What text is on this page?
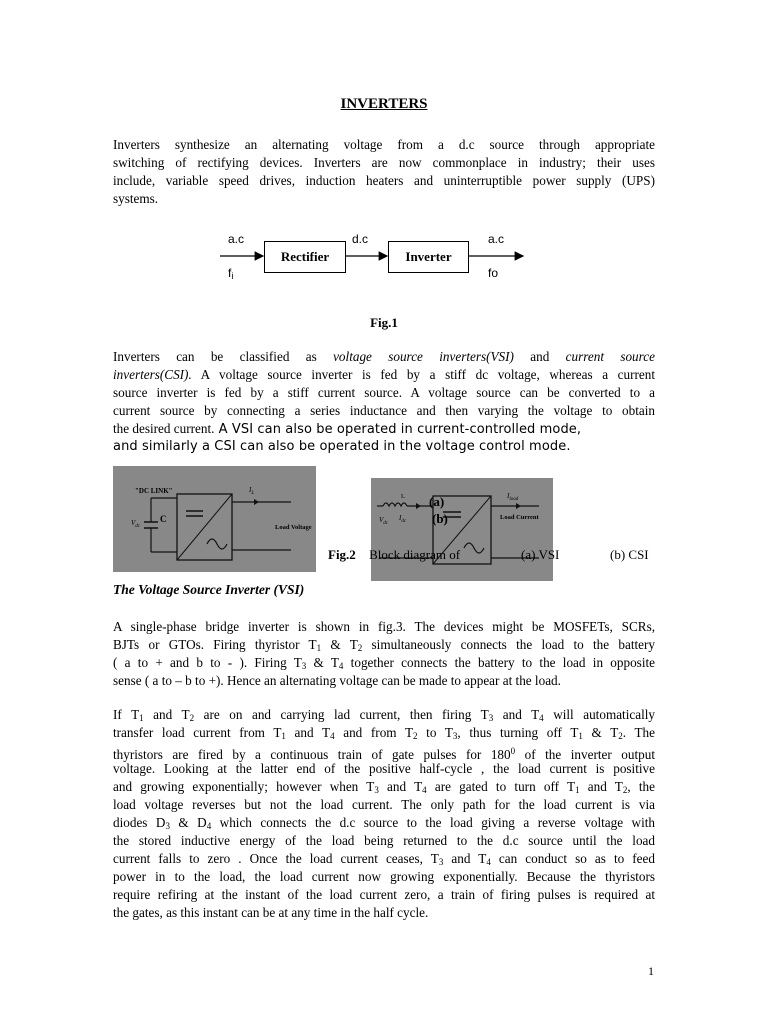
INVERTERS
Inverters synthesize an alternating voltage from a d.c source through appropriate
switching of rectifying devices. Inverters are now commonplace in industry; their uses
include, variable speed drives, induction heaters and uninterruptible power supply (UPS)
systems.
Rectifier	Inverter
a.c
$f_i$
d.c	a.c
fo
Fig.1
Inverters can be classified as voltage source inverters(VSI) and current source
inverters(CSI). A voltage source inverter is fed by a stiff dc voltage, whereas a current
source inverter is fed by a stiff current source. A voltage source can be converted to a
current source by connecting a series inductance and then varying the voltage to obtain
the desired current. A VSI can also be operated in current-controlled mode,
and similarly a CSI can also be operated in the voltage control mode.
"DC LINK"
C
$V_{dc}$
$I_L$
Load Voltage
L
$I_{dc}$
$V_{dc}$
$I_{load}$
Load Current
(a)
(b)
Fig.2 Block diagram of	(a) VSI	(b) CSI
The Voltage Source Inverter (VSI)
A single-phase bridge inverter is shown in fig.3. The devices might be MOSFETs, SCRs,
BJTs or GTOs. Firing thyristor $T_1$ & $T_2$ simultaneously connects the load to the battery
( a to + and b to - ). Firing $T_3$ & $T_4$ together connects the battery to the load in opposite
sense ( a to – b to +). Hence an alternating voltage can be made to appear at the load.
If $T_1$ and $T_2$ are on and carrying lad current, then firing $T_3$ and $T_4$ will automatically
transfer load current from $T_1$ and $T_4$ and from $T_2$ to $T_3$, thus turning off $T_1$ & $T_2$. The
thyristors are fired by a continuous train of gate pulses for $180^0$ of the inverter output
voltage. Looking at the latter end of the positive half-cycle , the load current is positive
and growing exponentially; however when $T_3$ and $T_4$ are gated to turn off $T_1$ and $T_2$, the
load voltage reverses but not the load current. The only path for the load current is via
diodes $D_3$ & $D_4$ which connects the d.c source to the load giving a reverse voltage with
the stored inductive energy of the load being returned to the d.c source until the load
current falls to zero . Once the load current ceases, $T_3$ and $T_4$ can conduct so as to feed
power in to the load, the load current now growing exponentially. Because the thyristors
require refiring at the instant of the load current zero, a train of firing pulses is required at
the gates, as this instant can be at any time in the half cycle.
1
